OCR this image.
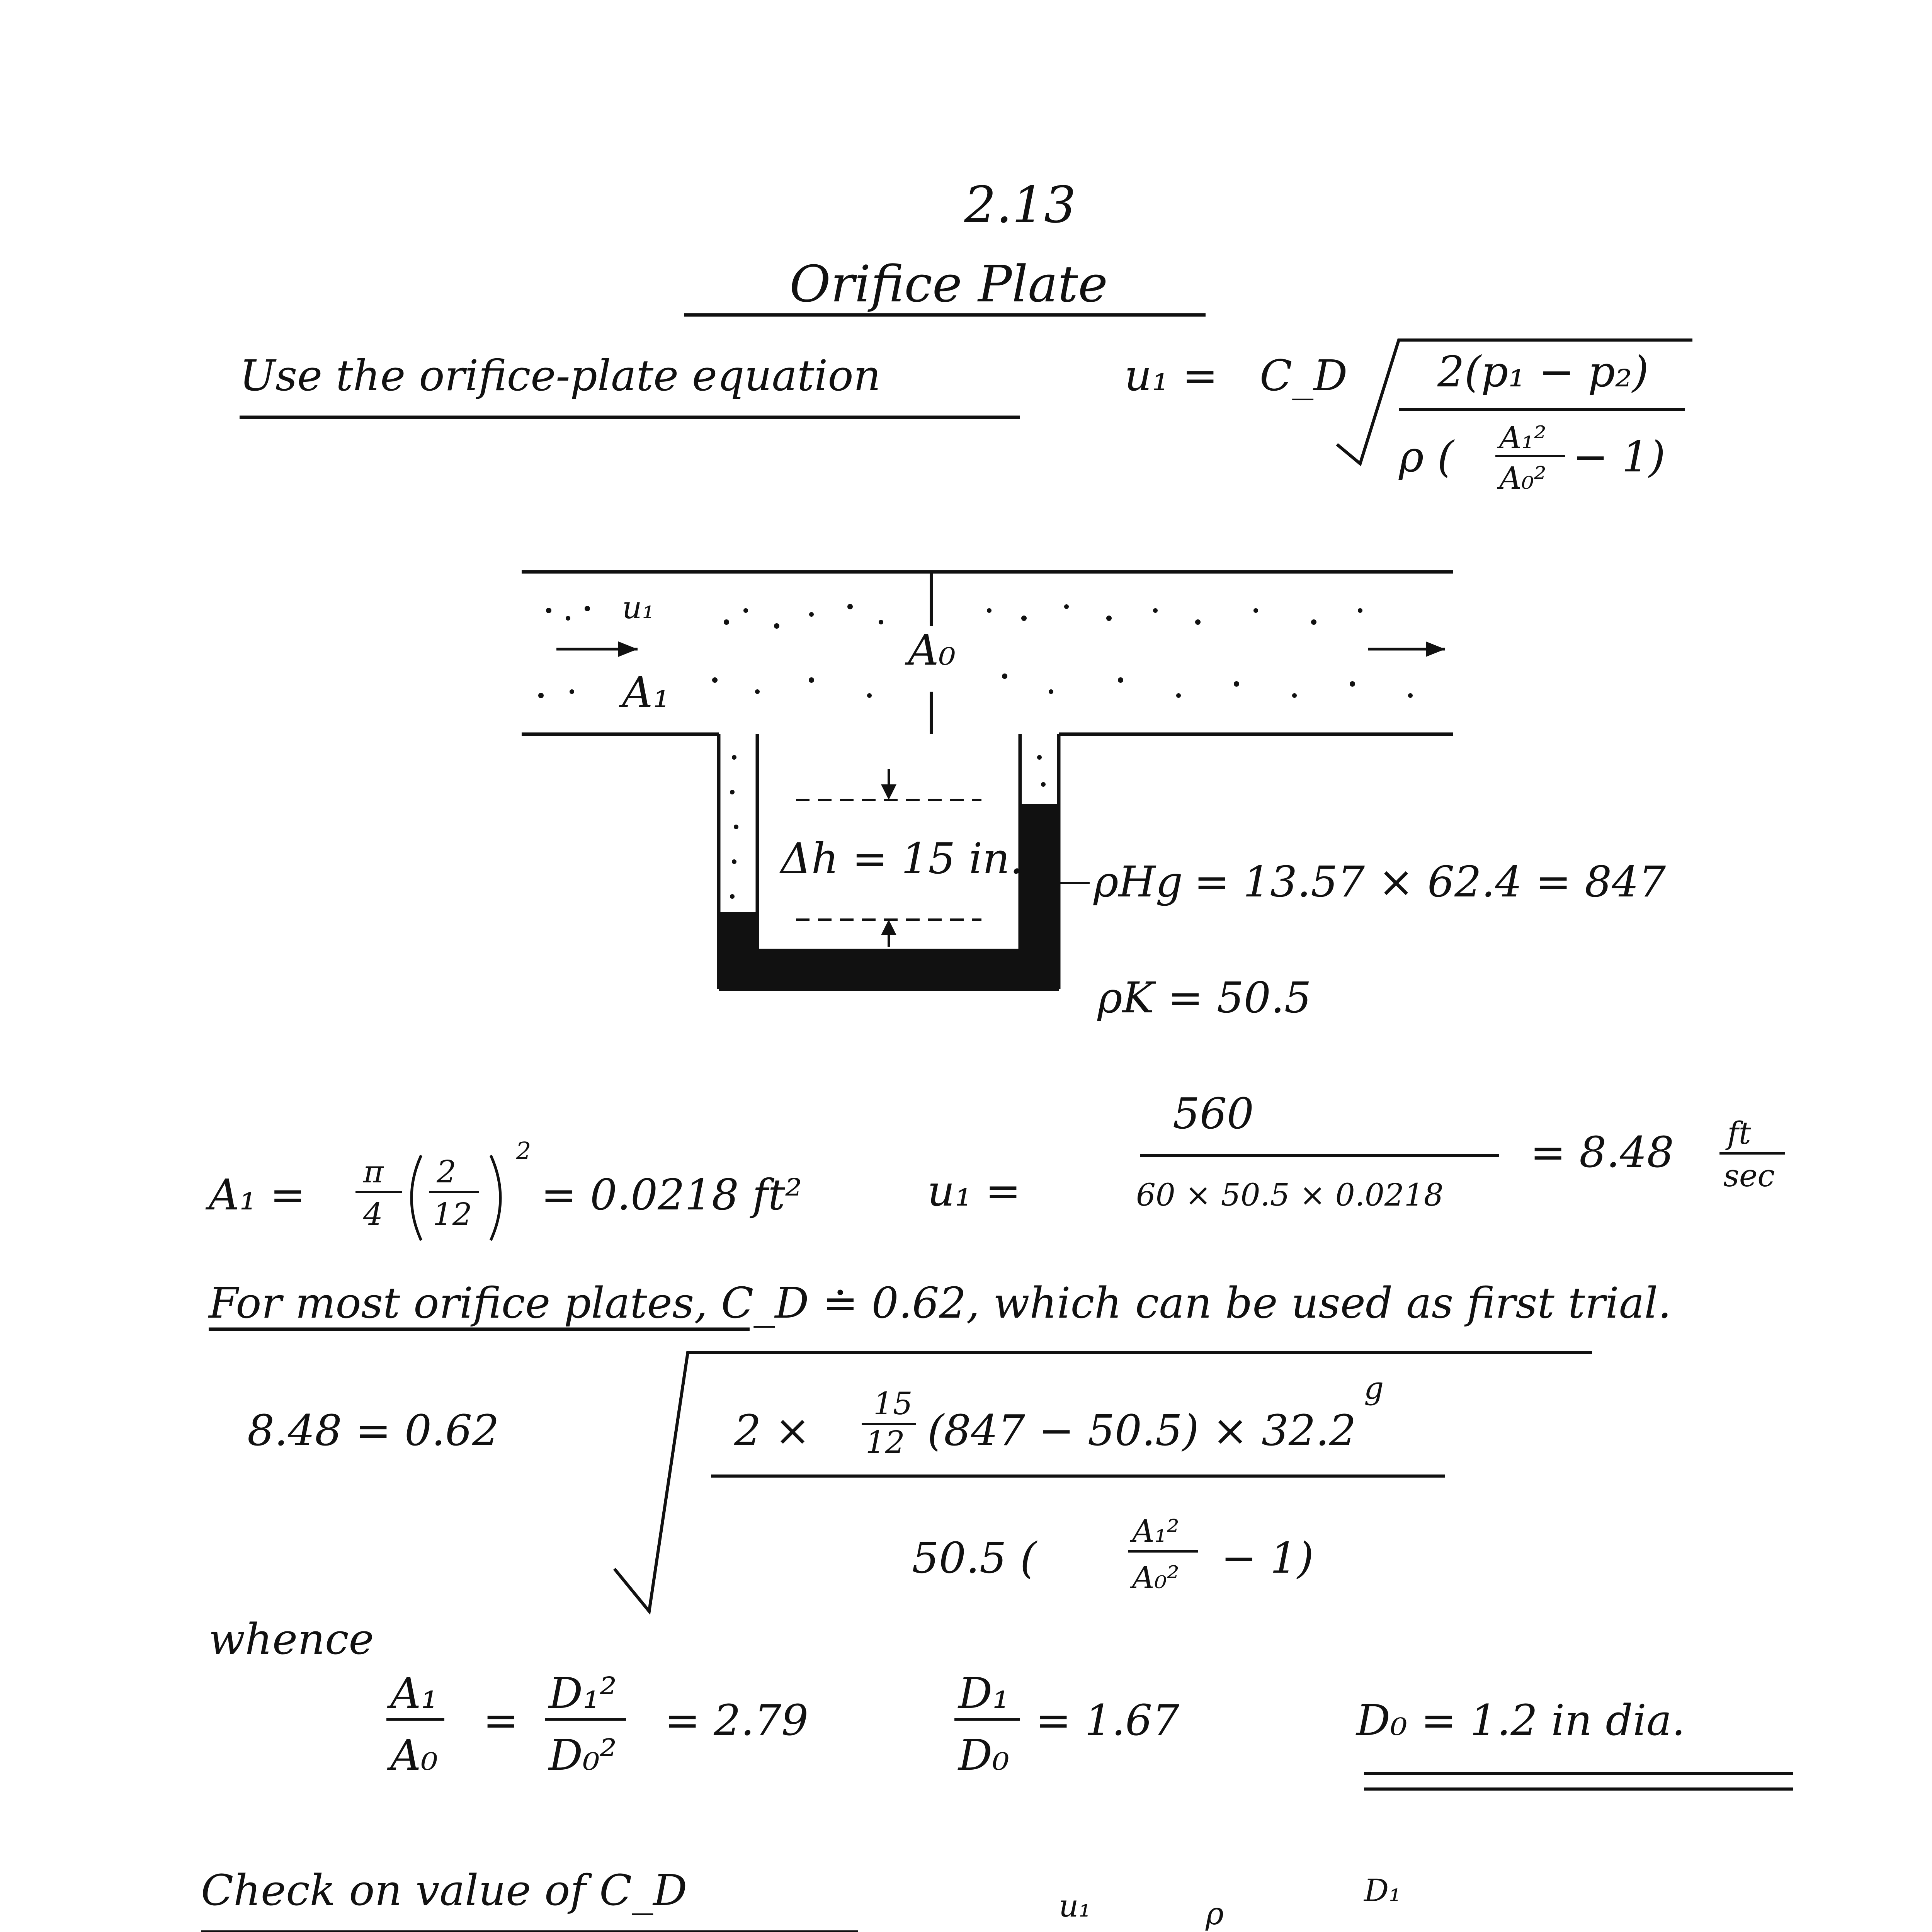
2.13
Orifice Plate
Use the orifice-plate equation	u₁ = C_D 2(p₁ − p₂)
ρ ( A₁²
A₀² − 1)
u₁
A₁
A₀
Δh = 15 in. ρHg = 13.57 × 62.4 = 847
ρK = 50.5
A₁ = π
4
2
12
2
= 0.0218 ft²	u₁ =
560
60 × 50.5 × 0.0218
= 8.48 ft
sec
For most orifice plates, C_D ≐ 0.62, which can be used as first trial.
8.48 = 0.62	2 ×
15
12 (847 − 50.5) × 32.2
g
50.5 (
A₁²
A₀² − 1)
whence
A₁
A₀
=
D₁²
D₀²
= 2.79
D₁
D₀
= 1.67	D₀ = 1.2 in dia.
Check on value of C_D	u₁	ρ
D₁
